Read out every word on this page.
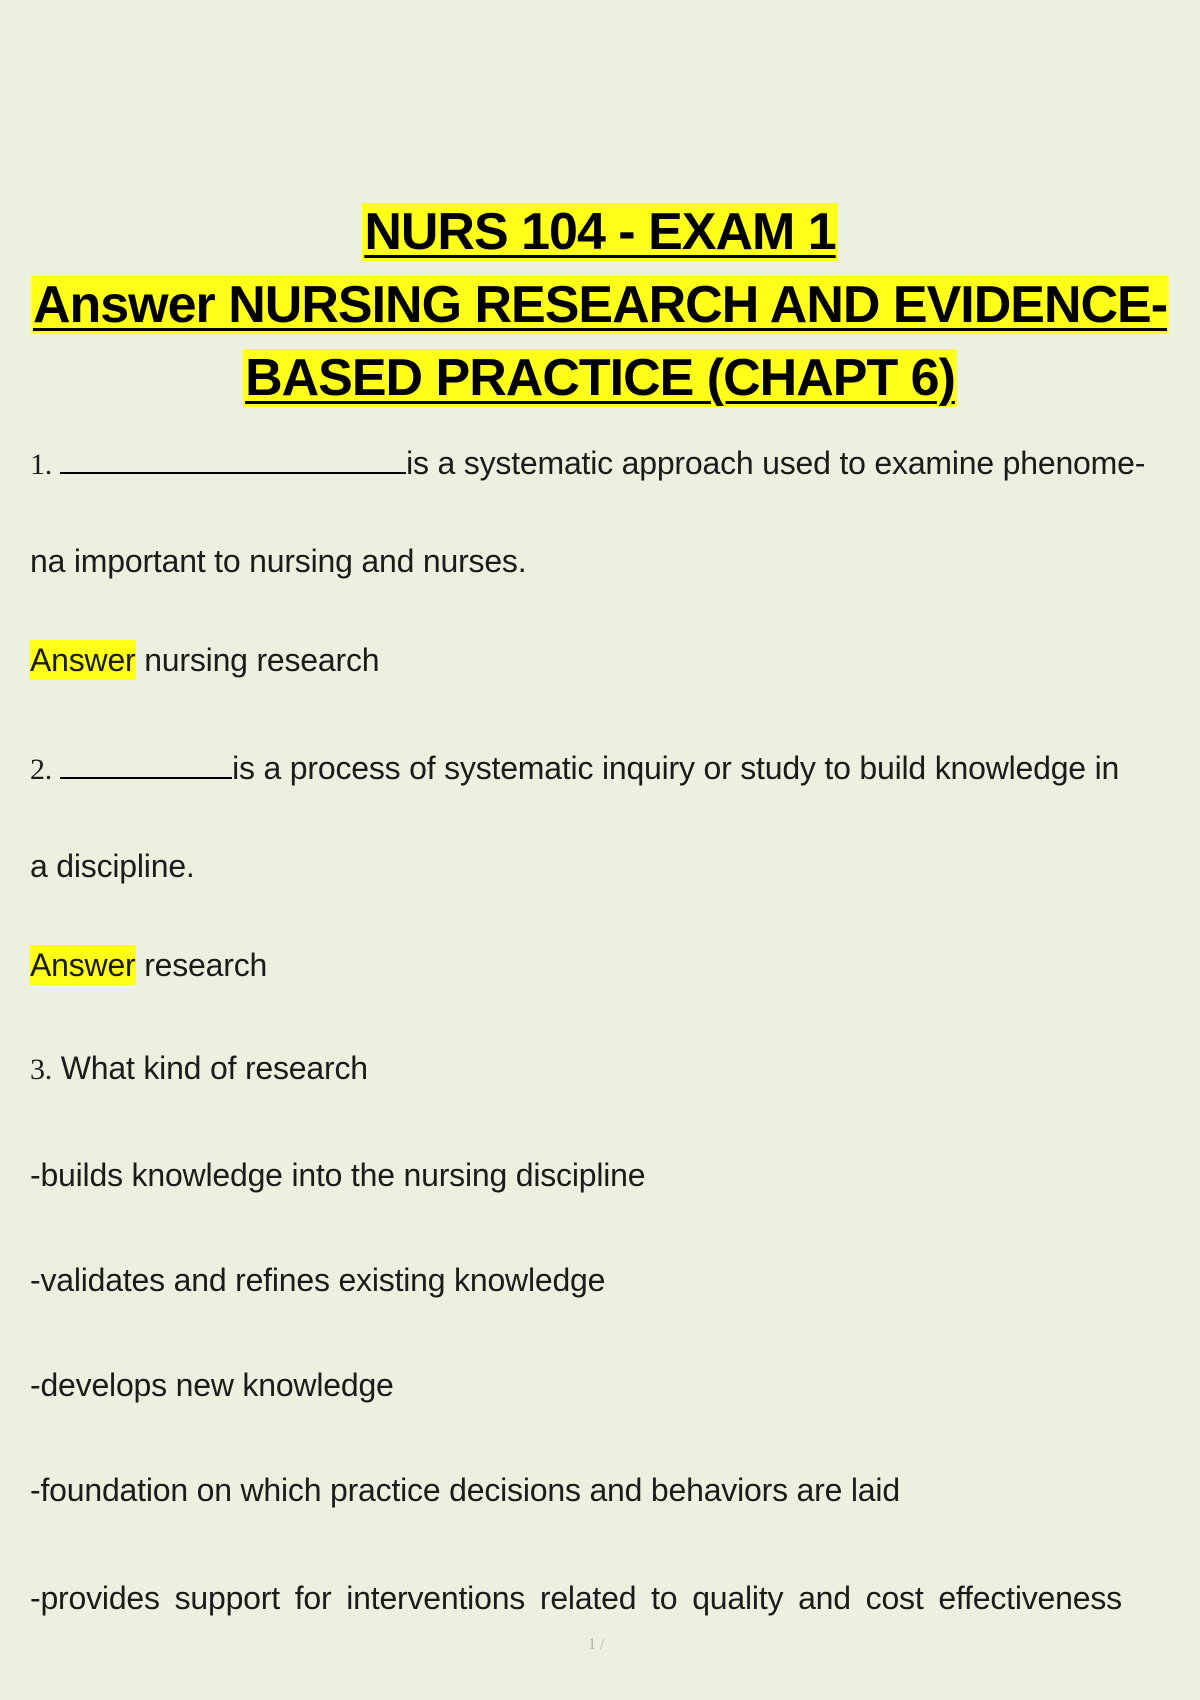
NURS 104 - EXAM 1
Answer NURSING RESEARCH AND EVIDENCE-
BASED PRACTICE (CHAPT 6)
1.	is a systematic approach used to examine phenome-
na important to nursing and nurses.
Answer nursing research
2.	is a process of systematic inquiry or study to build knowledge in
a discipline.
Answer research
3. What kind of research
-builds knowledge into the nursing discipline
-validates and refines existing knowledge
-develops new knowledge
-foundation on which practice decisions and behaviors are laid
-provides support for interventions related to quality and cost effectiveness
1 /
